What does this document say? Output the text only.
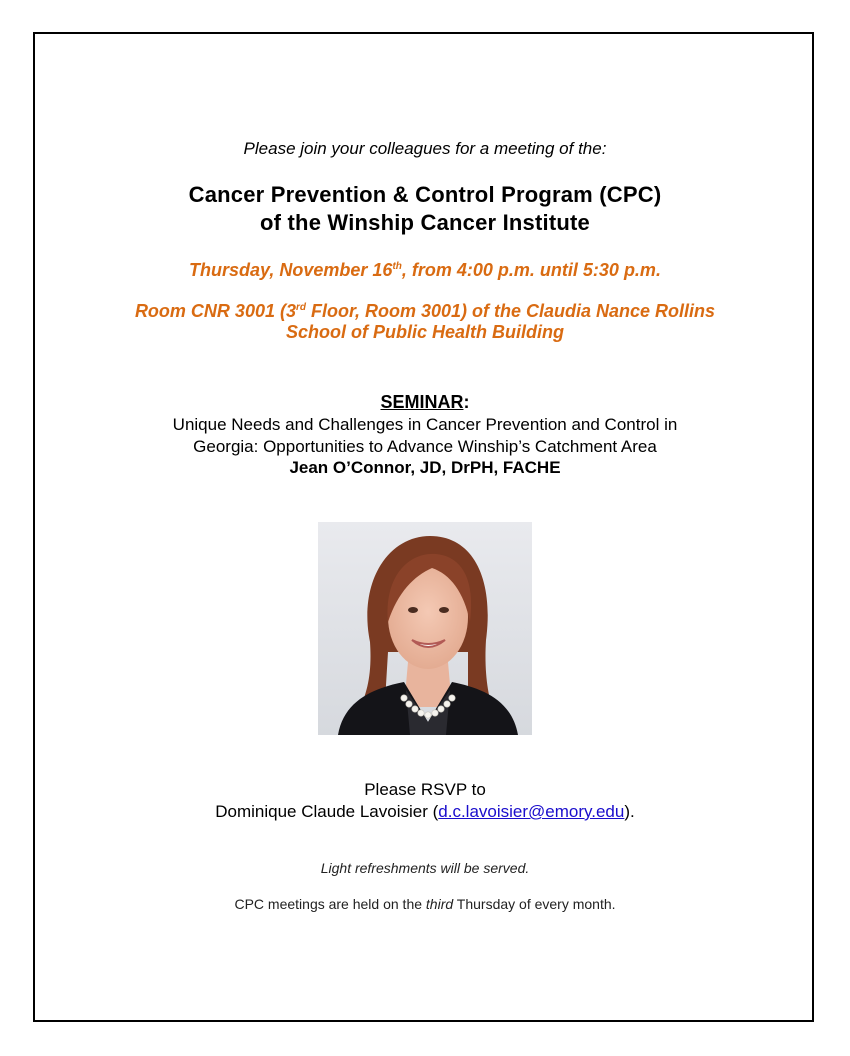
Please join your colleagues for a meeting of the:
Cancer Prevention & Control Program (CPC)
of the Winship Cancer Institute
Thursday, November 16th, from 4:00 p.m. until 5:30 p.m.
Room CNR 3001 (3rd Floor, Room 3001) of the Claudia Nance Rollins
School of Public Health Building
SEMINAR:
Unique Needs and Challenges in Cancer Prevention and Control in
Georgia: Opportunities to Advance Winship’s Catchment Area
Jean O’Connor, JD, DrPH, FACHE
Please RSVP to
Dominique Claude Lavoisier (d.c.lavoisier@emory.edu).
Light refreshments will be served.
CPC meetings are held on the third Thursday of every month.
